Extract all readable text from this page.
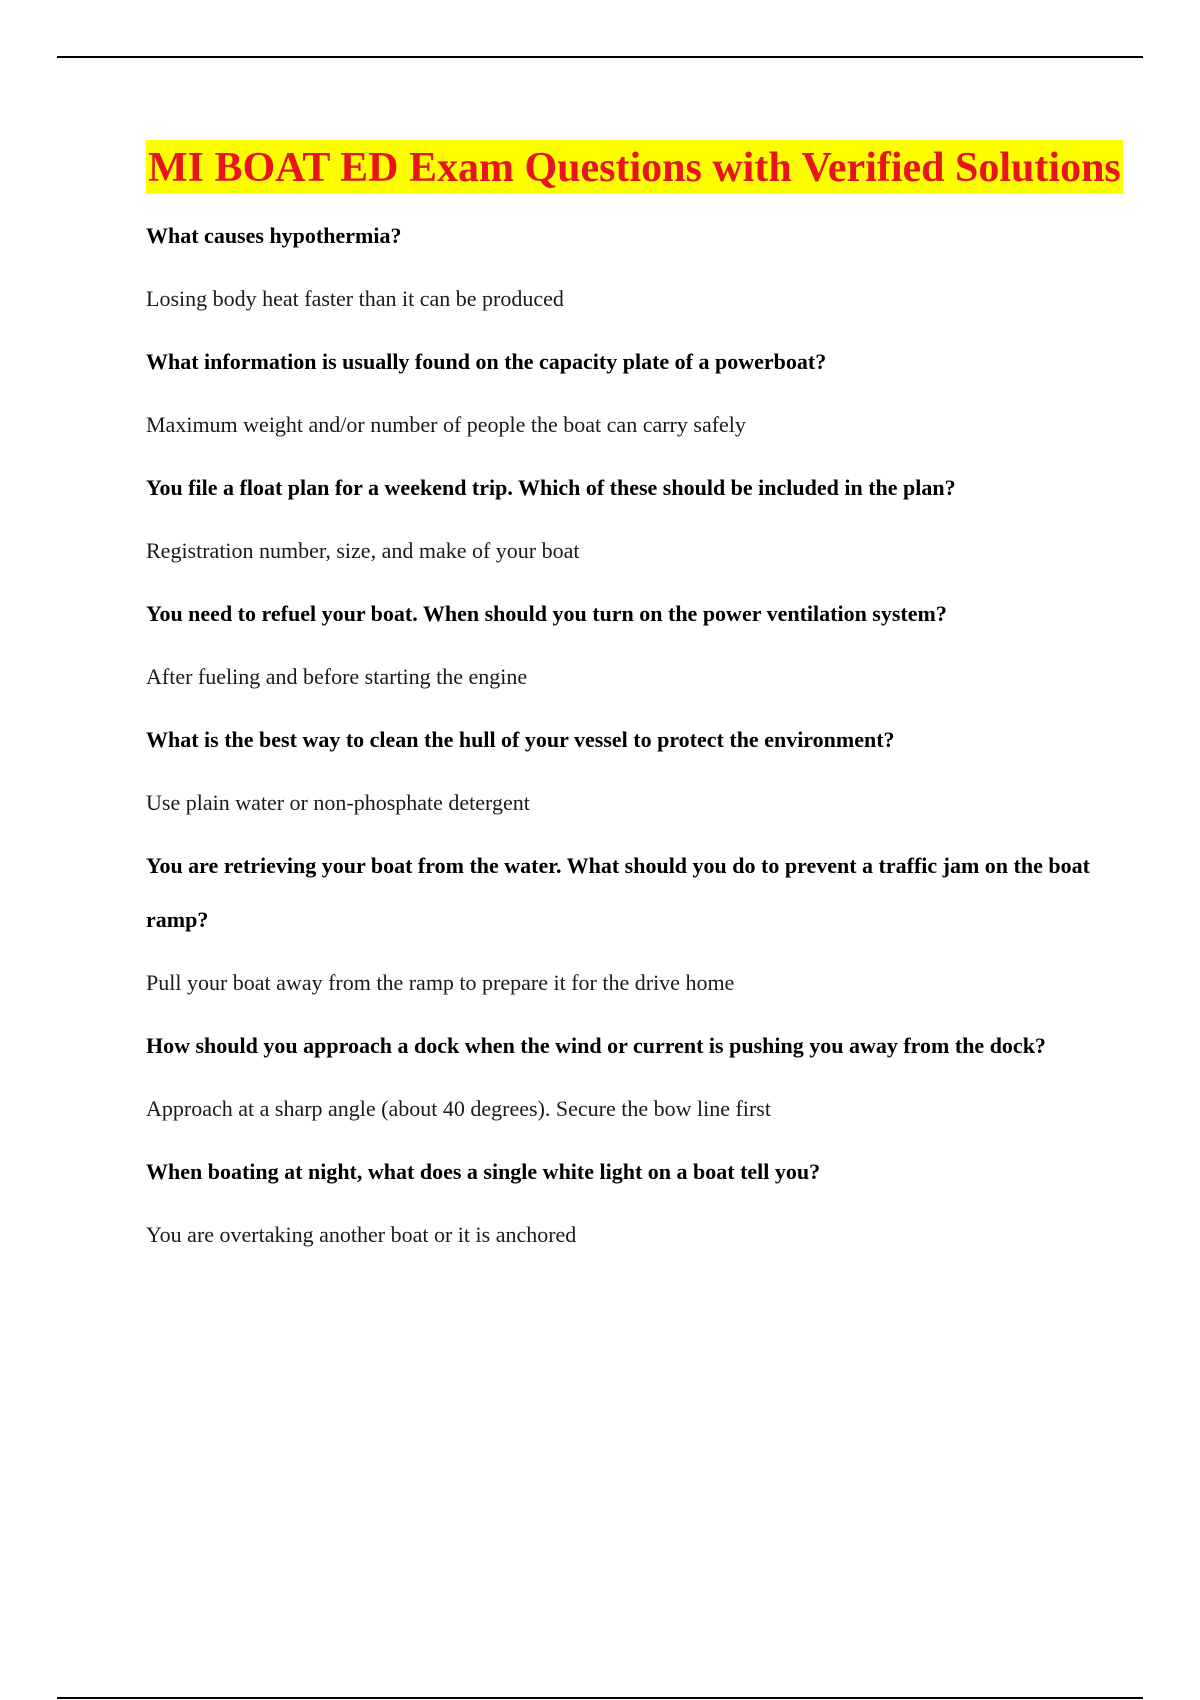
MI BOAT ED Exam Questions with Verified Solutions

What causes hypothermia?

Losing body heat faster than it can be produced

What information is usually found on the capacity plate of a powerboat?

Maximum weight and/or number of people the boat can carry safely

You file a float plan for a weekend trip. Which of these should be included in the plan?

Registration number, size, and make of your boat

You need to refuel your boat. When should you turn on the power ventilation system?

After fueling and before starting the engine

What is the best way to clean the hull of your vessel to protect the environment?

Use plain water or non-phosphate detergent

You are retrieving your boat from the water. What should you do to prevent a traffic jam on the boat ramp?

Pull your boat away from the ramp to prepare it for the drive home

How should you approach a dock when the wind or current is pushing you away from the dock?

Approach at a sharp angle (about 40 degrees). Secure the bow line first

When boating at night, what does a single white light on a boat tell you?

You are overtaking another boat or it is anchored
